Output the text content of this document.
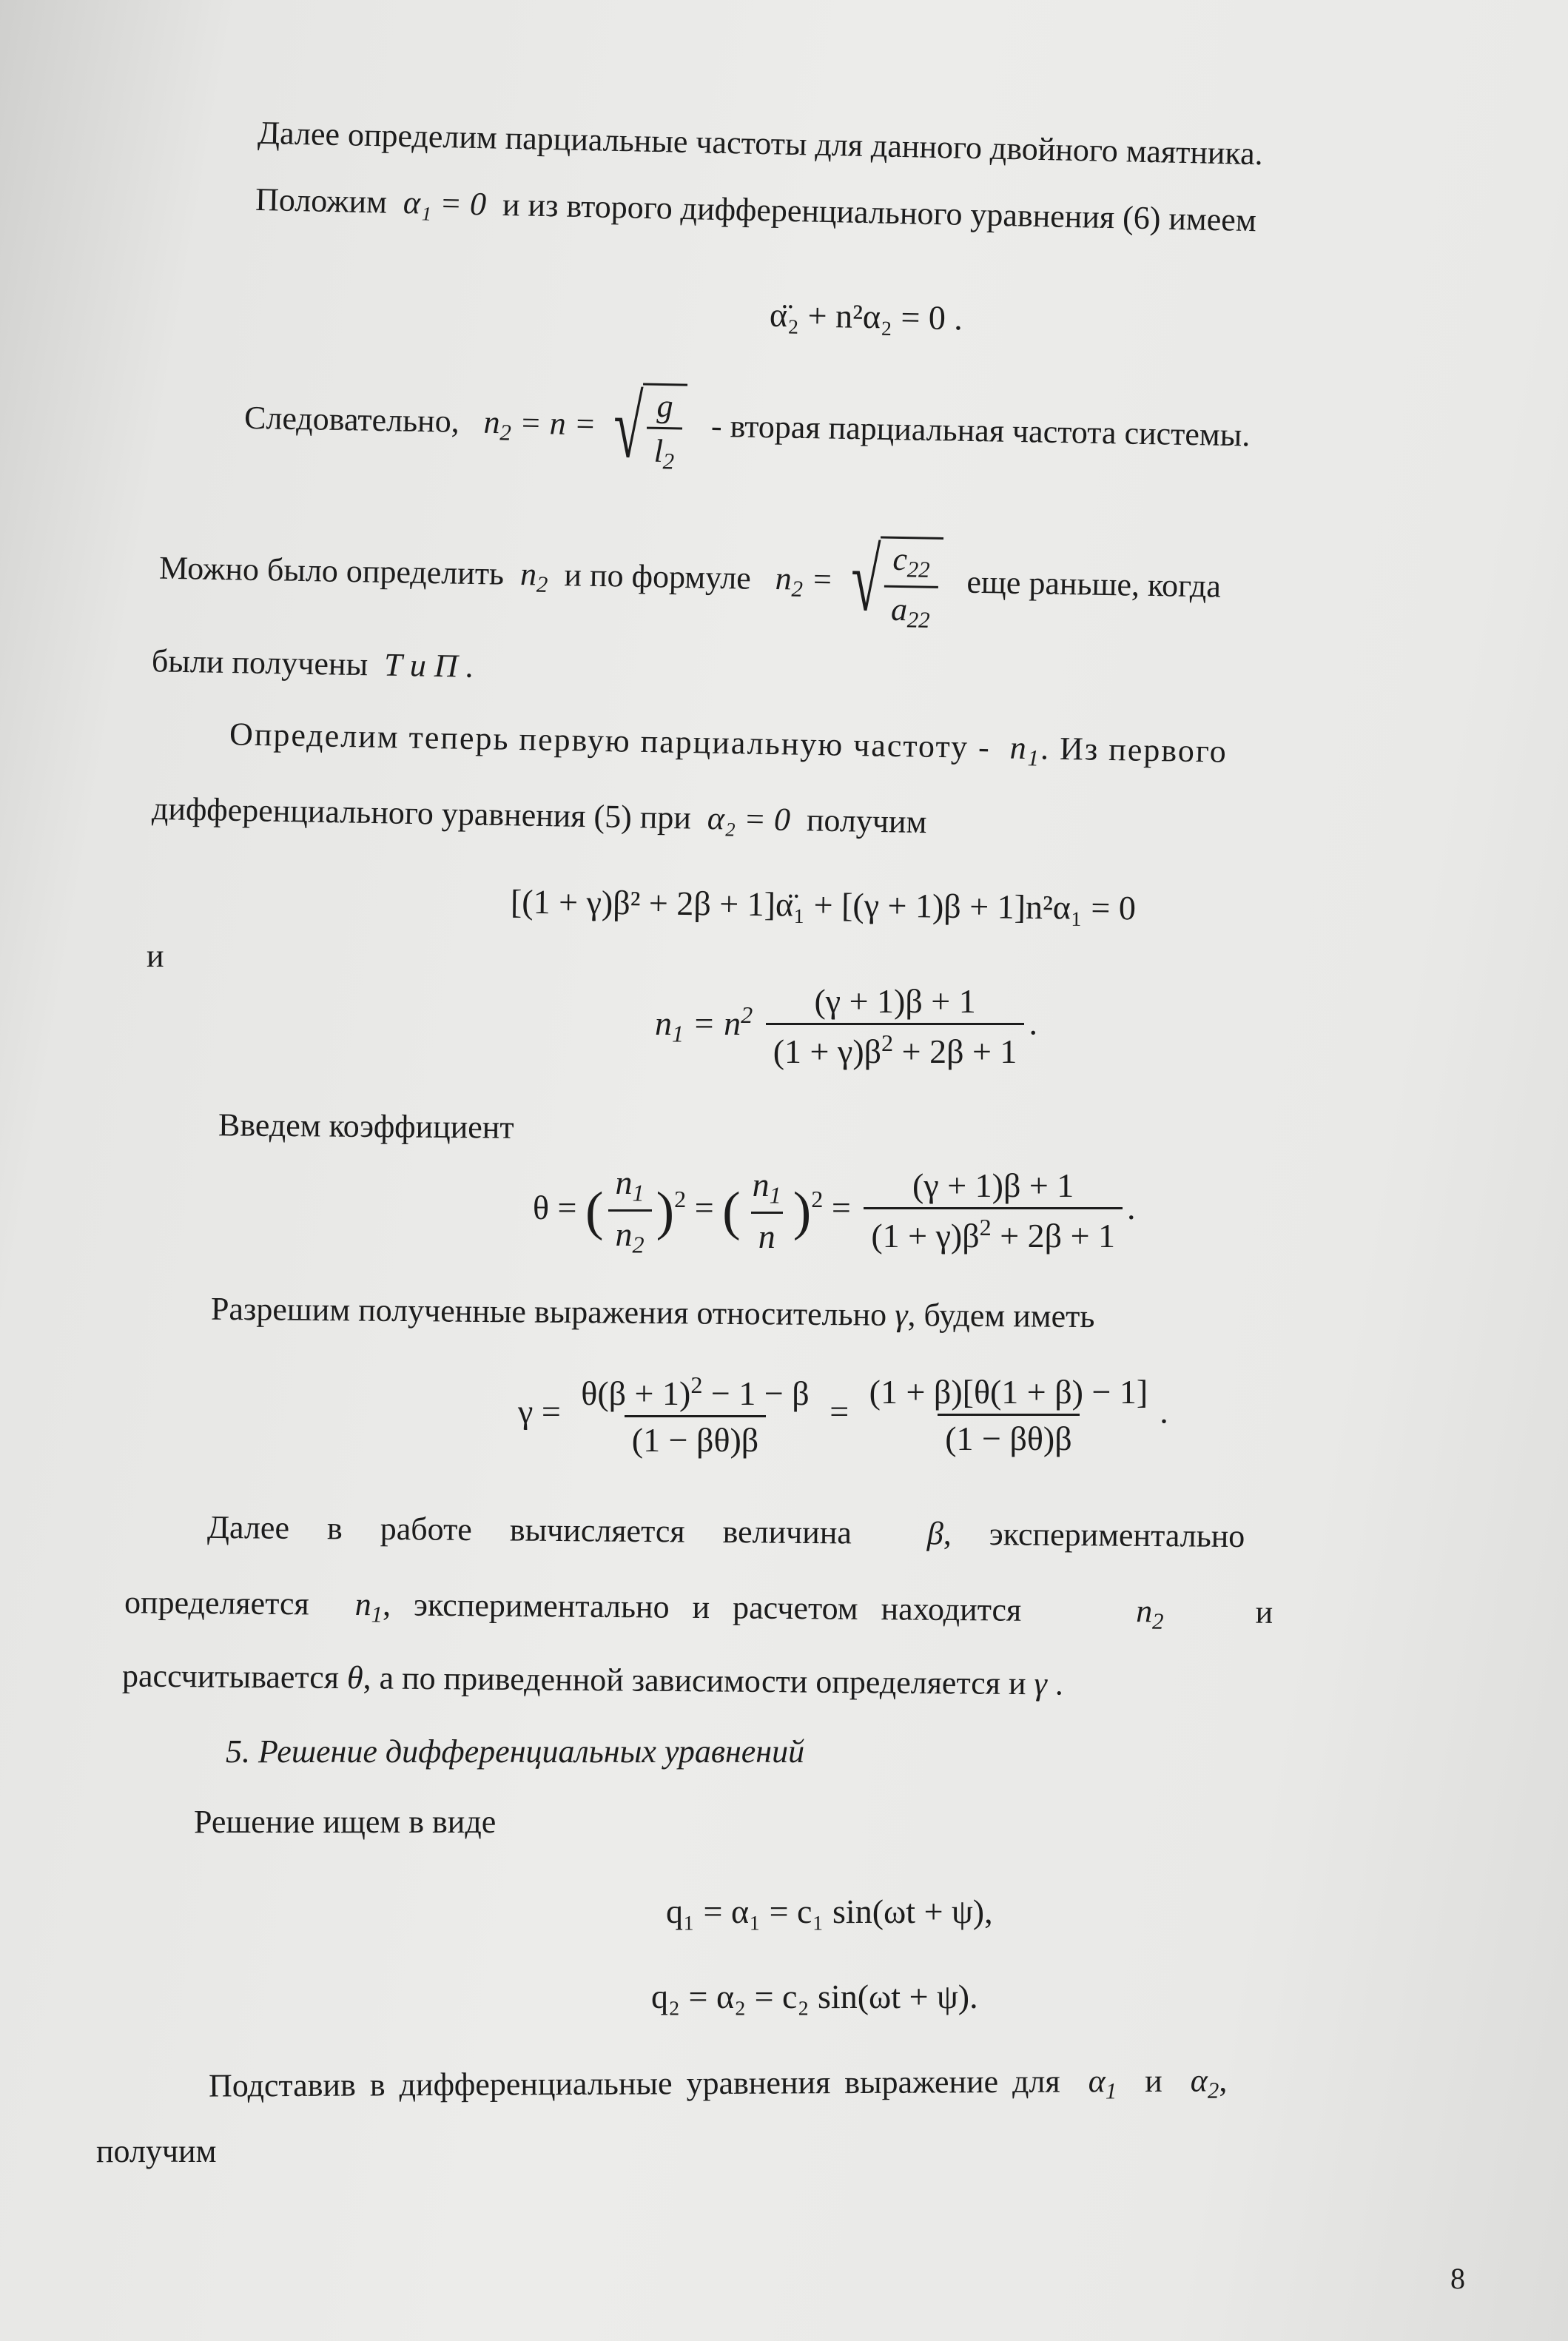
Далее определим парциальные частоты для данного двойного маятника.
Положим α₁ = 0 и из второго дифференциального уравнения (6) имеем
α̈₂ + n²α₂ = 0 .
Следовательно, $n_2 = n$ = √ $\frac{g}{l_2}$ - вторая парциальная частота системы.
Можно было определить $n_2$ и по формуле $n_2$ = √ $\frac{c_{22}}{a_{22}}$ еще раньше, когда
были получены T и П .
Определим теперь первую парциальную частоту - $n_1$. Из первого
дифференциального уравнения (5) при α₂ = 0 получим
[(1 + γ)β² + 2β + 1]α̈₁ + [(γ + 1)β + 1]n²α₁ = 0
и
$n_1 = n^2 \frac{(\gamma + 1)\beta + 1}{(1 + \gamma)\beta^2 + 2\beta + 1}$ .
Введем коэффициент
θ = ( $\frac{n_1}{n_2} )^2$ = ( $\frac{n_1}{n} )^2 = \frac{(\gamma + 1)\beta + 1}{(1 + \gamma)\beta^2 + 2\beta + 1}$ .
Разрешим полученные выражения относительно γ, будем иметь
$\gamma = \frac{\theta(\beta + 1)^2 - 1 - \beta}{(1 - \beta\theta)\beta} = \frac{(1 + \beta)[\theta(1 + \beta) - 1]}{(1 - \beta\theta)\beta}$ .
Далее в работе вычисляется величина β, экспериментально
определяется $n_1$, экспериментально и расчетом находится	$n_2$	и
рассчитывается θ, а по приведенной зависимости определяется и γ .
5. Решение дифференциальных уравнений
Решение ищем в виде
q₁ = α₁ = c₁ sin(ωt + ψ),
q₂ = α₂ = c₂ sin(ωt + ψ).
Подставив в дифференциальные уравнения выражение для $\alpha_1$ и $\alpha_2$,
получим
8
